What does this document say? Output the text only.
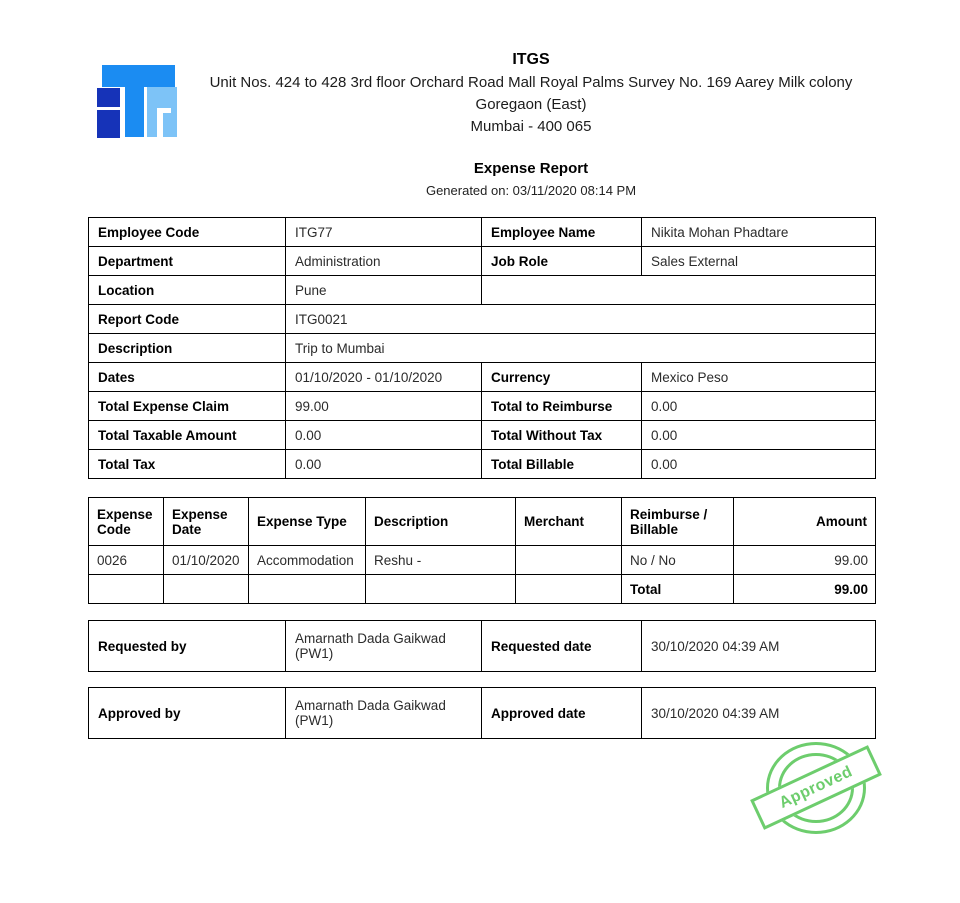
ITGS
Unit Nos. 424 to 428 3rd floor Orchard Road Mall Royal Palms Survey No. 169 Aarey Milk colony Goregaon (East)
Mumbai - 400 065
Expense Report
Generated on: 03/11/2020 08:14 PM
Employee Code	ITG77	Employee Name	Nikita Mohan Phadtare
Department	Administration	Job Role	Sales External
Location	Pune		
Report Code	ITG0021		
Description	Trip to Mumbai		
Dates	01/10/2020 - 01/10/2020	Currency	Mexico Peso
Total Expense Claim	99.00	Total to Reimburse	0.00
Total Taxable Amount	0.00	Total Without Tax	0.00
Total Tax	0.00	Total Billable	0.00
Expense Code	Expense Date	Expense Type	Description	Merchant	Reimburse / Billable	Amount
0026	01/10/2020	Accommodation	Reshu -		No / No	99.00
					Total	99.00
Requested by	Amarnath Dada Gaikwad (PW1)	Requested date	30/10/2020 04:39 AM
Approved by	Amarnath Dada Gaikwad (PW1)	Approved date	30/10/2020 04:39 AM
Approved
